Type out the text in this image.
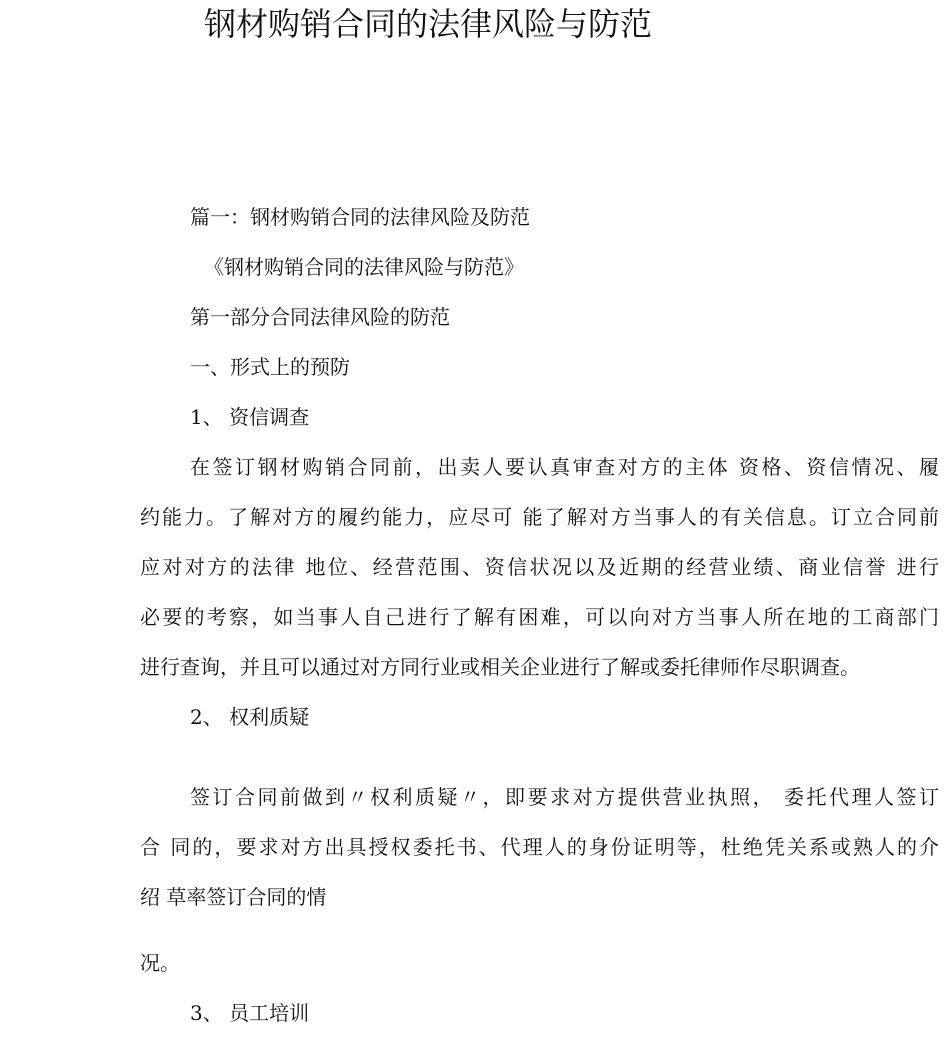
钢材购销合同的法律风险与防范
篇一：钢材购销合同的法律风险及防范
《钢材购销合同的法律风险与防范》
第一部分合同法律风险的防范
一、形式上的预防
1、 资信调查
在签订钢材购销合同前，出卖人要认真审查对方的主体 资格、资信情况、履
约能力。了解对方的履约能力，应尽可 能了解对方当事人的有关信息。订立合同前
应对对方的法律 地位、经营范围、资信状况以及近期的经营业绩、商业信誉 进行
必要的考察，如当事人自己进行了解有困难，可以向对方当事人所在地的工商部门
进行查询，并且可以通过对方同行业或相关企业进行了解或委托律师作尽职调查。
2、 权利质疑
签订合同前做到〃权利质疑〃，即要求对方提供营业执照， 委托代理人签订
合 同的，要求对方出具授权委托书、代理人的身份证明等，杜绝凭关系或熟人的介
绍 草率签订合同的情
况。
3、 员工培训
